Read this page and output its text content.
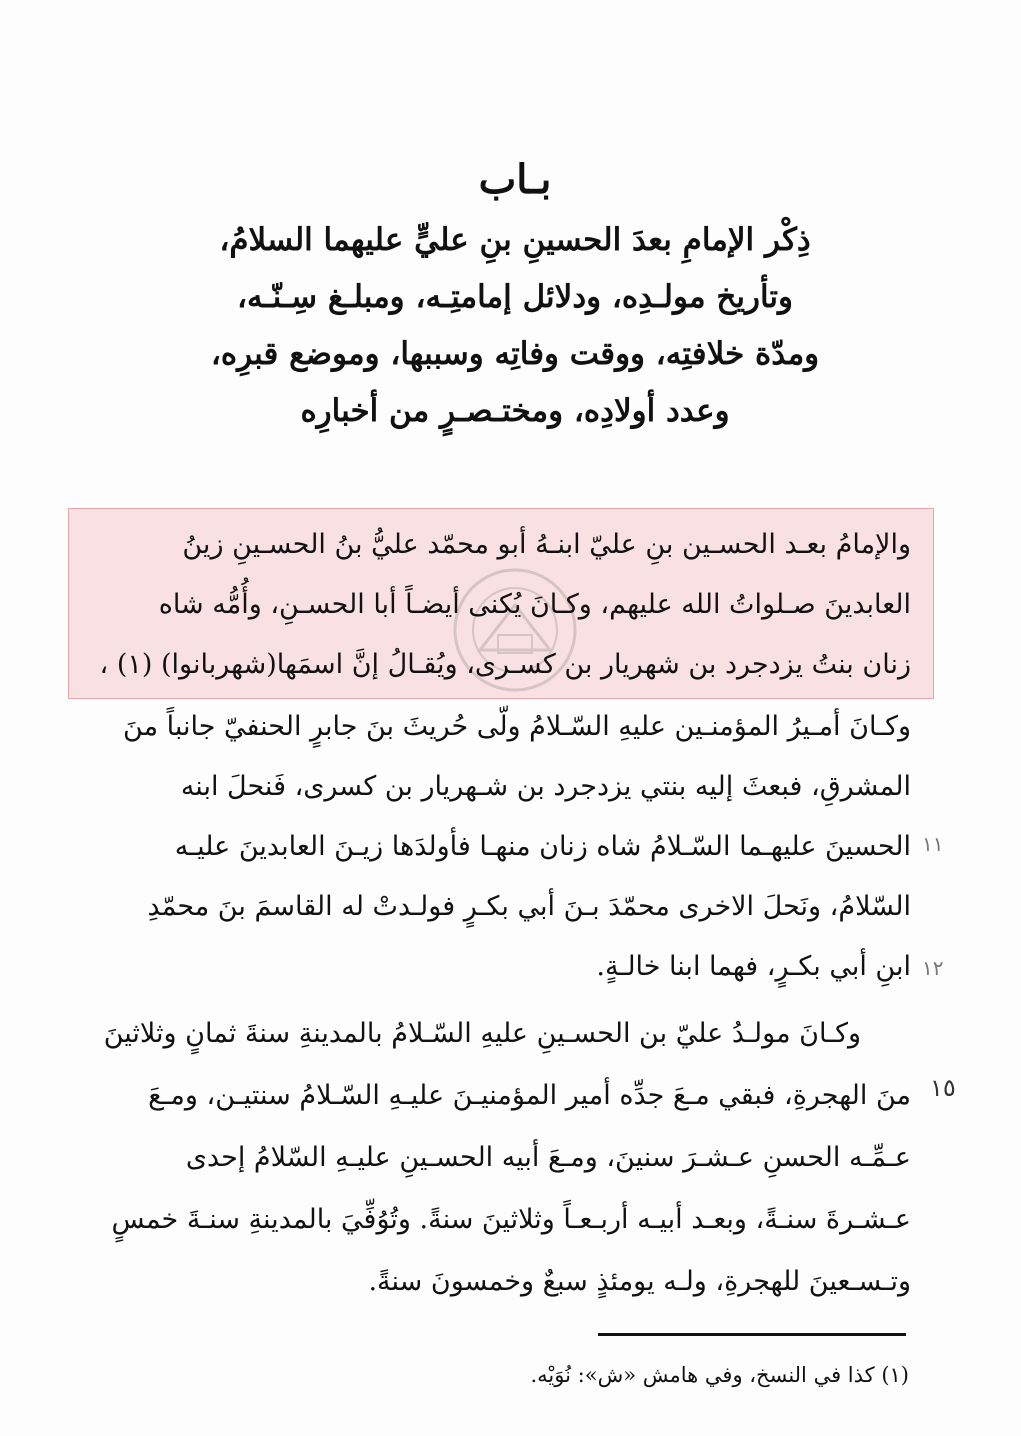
بـاب
ذِكْر الإمامِ بعدَ الحسينِ بنِ عليٍّ عليهما السلامُ،
وتأريخ مولـدِه، ودلائل إمامتِـه، ومبلـغ سِـنّـه،
ومدّة خلافتِه، ووقت وفاتِه وسببها، وموضع قبرِه،
وعدد أولادِه، ومختـصـرٍ من أخبارِه
والإمامُ بعـد الحسـين بنِ عليّ ابنـهُ أبو محمّد عليُّ بنُ الحسـينِ زينُ
العابدينَ صـلواتُ الله عليهم، وكـانَ يُكنى أيضـاً أبا الحسـنِ، وأُمُّه شاه
زنان بنتُ يزدجرد بن شهريار بن كسـرى، ويُقـالُ إنَّ اسمَها(شهربانوا) (١) ،
وكـانَ أمـيرُ المؤمنـين عليهِ السّـلامُ ولّى حُريثَ بنَ جابرٍ الحنفيّ جانباً منَ
المشرقِ، فبعثَ إليه بنتي يزدجرد بن شـهريار بن كسرى، فَنحلَ ابنه
الحسينَ عليهـما السّـلامُ شاه زنان منهـا فأولدَها زيـنَ العابدينَ عليـه
السّلامُ، ونَحلَ الاخرى محمّدَ بـنَ أبي بكـرٍ فولـدتْ له القاسمَ بنَ محمّدِ
ابنِ أبي بكـرٍ، فهما ابنا خالـةٍ.
وكـانَ مولـدُ عليّ بن الحسـينِ عليهِ السّـلامُ بالمدينةِ سنةَ ثمانٍ وثلاثينَ
منَ الهجرةِ، فبقي مـعَ جدِّه أمير المؤمنيـنَ عليـهِ السّـلامُ سنتيـن، ومـعَ
عـمِّـه الحسنِ عـشـرَ سنينَ، ومـعَ أبيه الحسـينِ عليـهِ السّلامُ إحدى
عـشـرةَ سنـةً، وبعـد أبيـه أربـعـاً وثلاثينَ سنةً. وتُوُفِّيَ بالمدينةِ سنـةَ خمسٍ
وتـسـعينَ للهجرةِ، ولـه يومئذٍ سبعٌ وخمسونَ سنةً.
١١
١٢
١٥
(١) كذا في النسخ، وفي هامش «ش»: نُوَيْه.
